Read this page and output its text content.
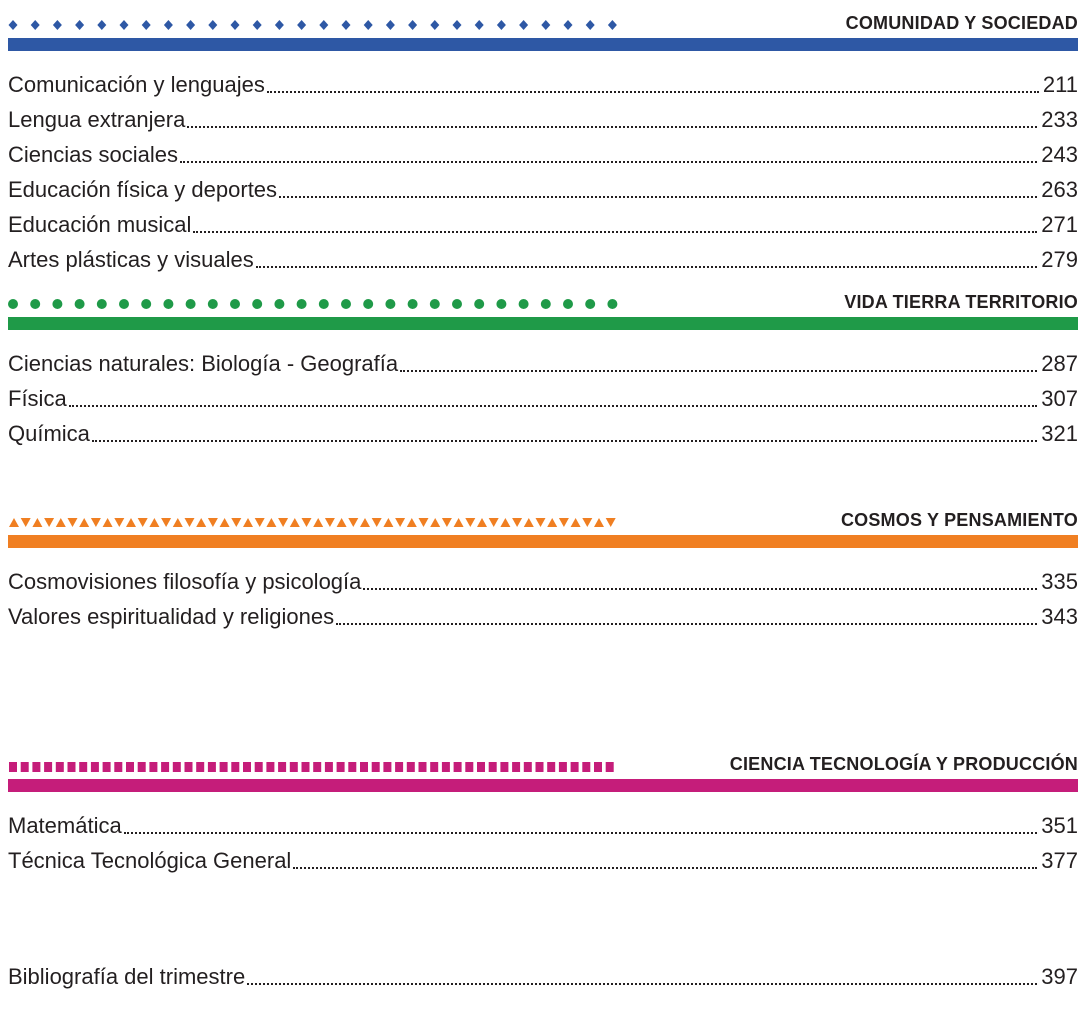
COMUNIDAD Y SOCIEDAD
Comunicación y lenguajes	211
Lengua extranjera	233
Ciencias sociales	243
Educación física y deportes	263
Educación musical	271
Artes plásticas y visuales	279
VIDA TIERRA TERRITORIO
Ciencias naturales: Biología - Geografía	287
Física	307
Química	321
COSMOS Y PENSAMIENTO
Cosmovisiones filosofía y psicología	335
Valores espiritualidad y religiones	343
CIENCIA TECNOLOGÍA Y PRODUCCIÓN
Matemática	351
Técnica Tecnológica General	377
Bibliografía del trimestre	397
